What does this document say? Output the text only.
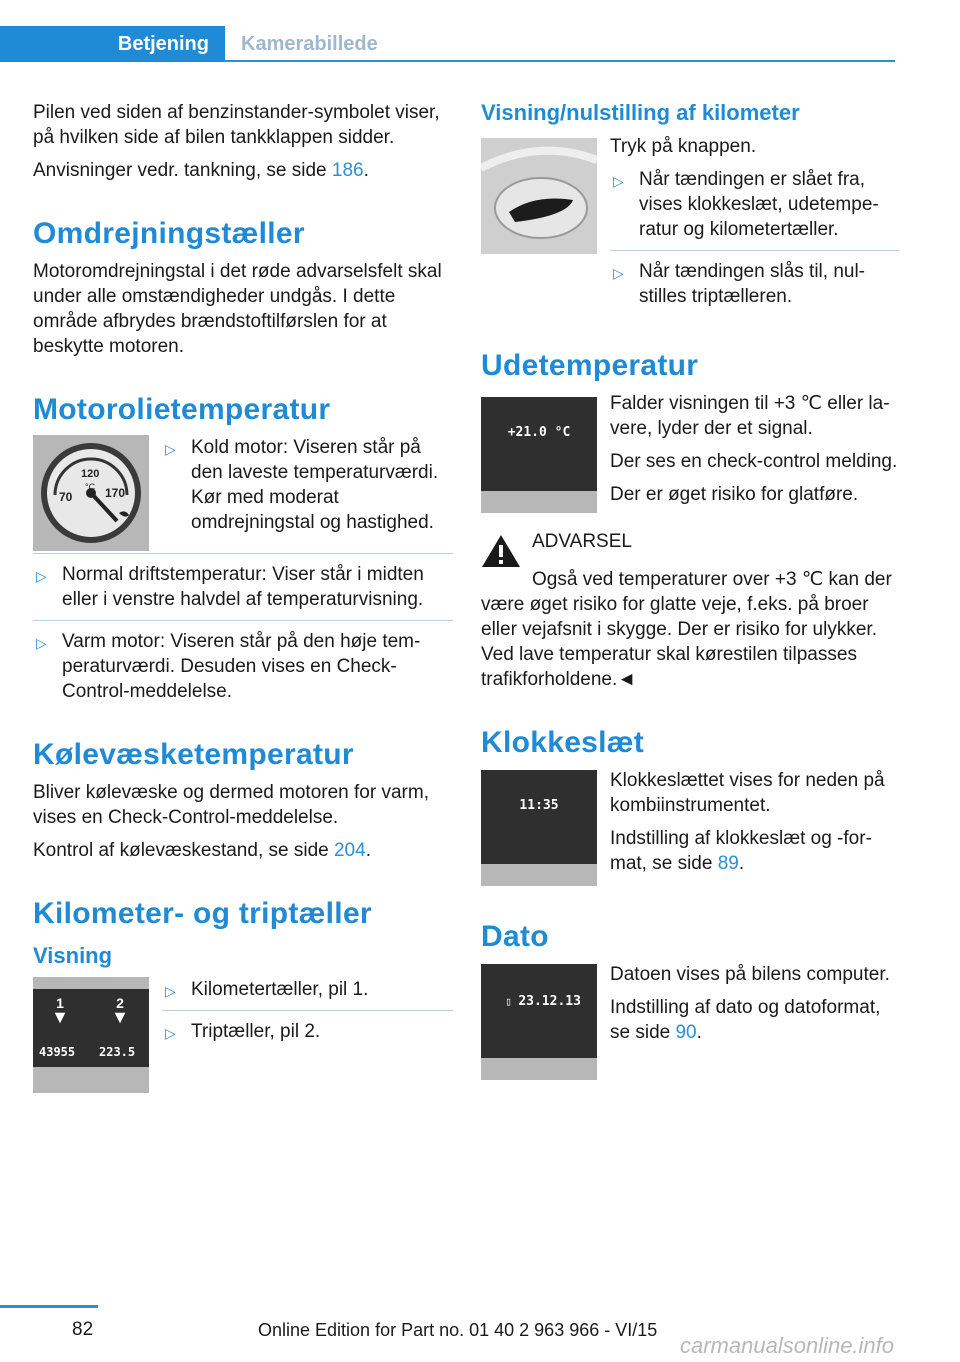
Betjening	Kamerabillede

Pilen ved siden af benzinstander-symbolet viser, på hvilken side af bilen tankklappen sidder.

Anvisninger vedr. tankning, se side 186.

Omdrejningstæller

Motoromdrejningstal i det røde advarselsfelt skal under alle omstændigheder undgås. I dette område afbrydes brændstoftilførslen for at beskytte motoren.

Motorolietemperatur
70
120
°C 170
▷ Kold motor: Viseren står på den laveste temperaturværdi. Kør med moderat omdrejningstal og hastighed.
▷ Normal driftstemperatur: Viser står i midten eller i venstre halvdel af temperaturvisning.
▷ Varm motor: Viseren står på den høje temperaturværdi. Desuden vises en Check-Control-meddelelse.
Kølevæsketemperatur

Bliver kølevæske og dermed motoren for varm, vises en Check-Control-meddelelse.

Kontrol af kølevæskestand, se side 204.

Kilometer- og triptæller
Visning
1
▼
2
▼
43955 223.5
▷ Kilometertæller, pil 1.
▷ Triptæller, pil 2.
Visning/nulstilling af kilometer

Tryk på knappen.

▷ Når tændingen er slået fra, vises klokkeslæt, udetemperatur og kilometertæller.
▷ Når tændingen slås til, nulstilles triptælleren.
Udetemperatur
+21.0 °C

Falder visningen til +3 ℃ eller lavere, lyder der et signal.

Der ses en check-control melding.

Der er øget risiko for glatføre.

ADVARSEL

Også ved temperaturer over +3 ℃ kan der være øget risiko for glatte veje, f.eks. på broer eller vejafsnit i skygge. Der er risiko for ulykker. Ved lave temperatur skal kørestilen tilpasses trafikforholdene.◄

Klokkeslæt
11:35

Klokkeslættet vises for neden på kombiinstrumentet.

Indstilling af klokkeslæt og -format, se side 89.

Dato
▯ 23.12.13

Datoen vises på bilens computer.

Indstilling af dato og datoformat, se side 90.

82	Online Edition for Part no. 01 40 2 963 966 - VI/15
carmanualsonline.info
